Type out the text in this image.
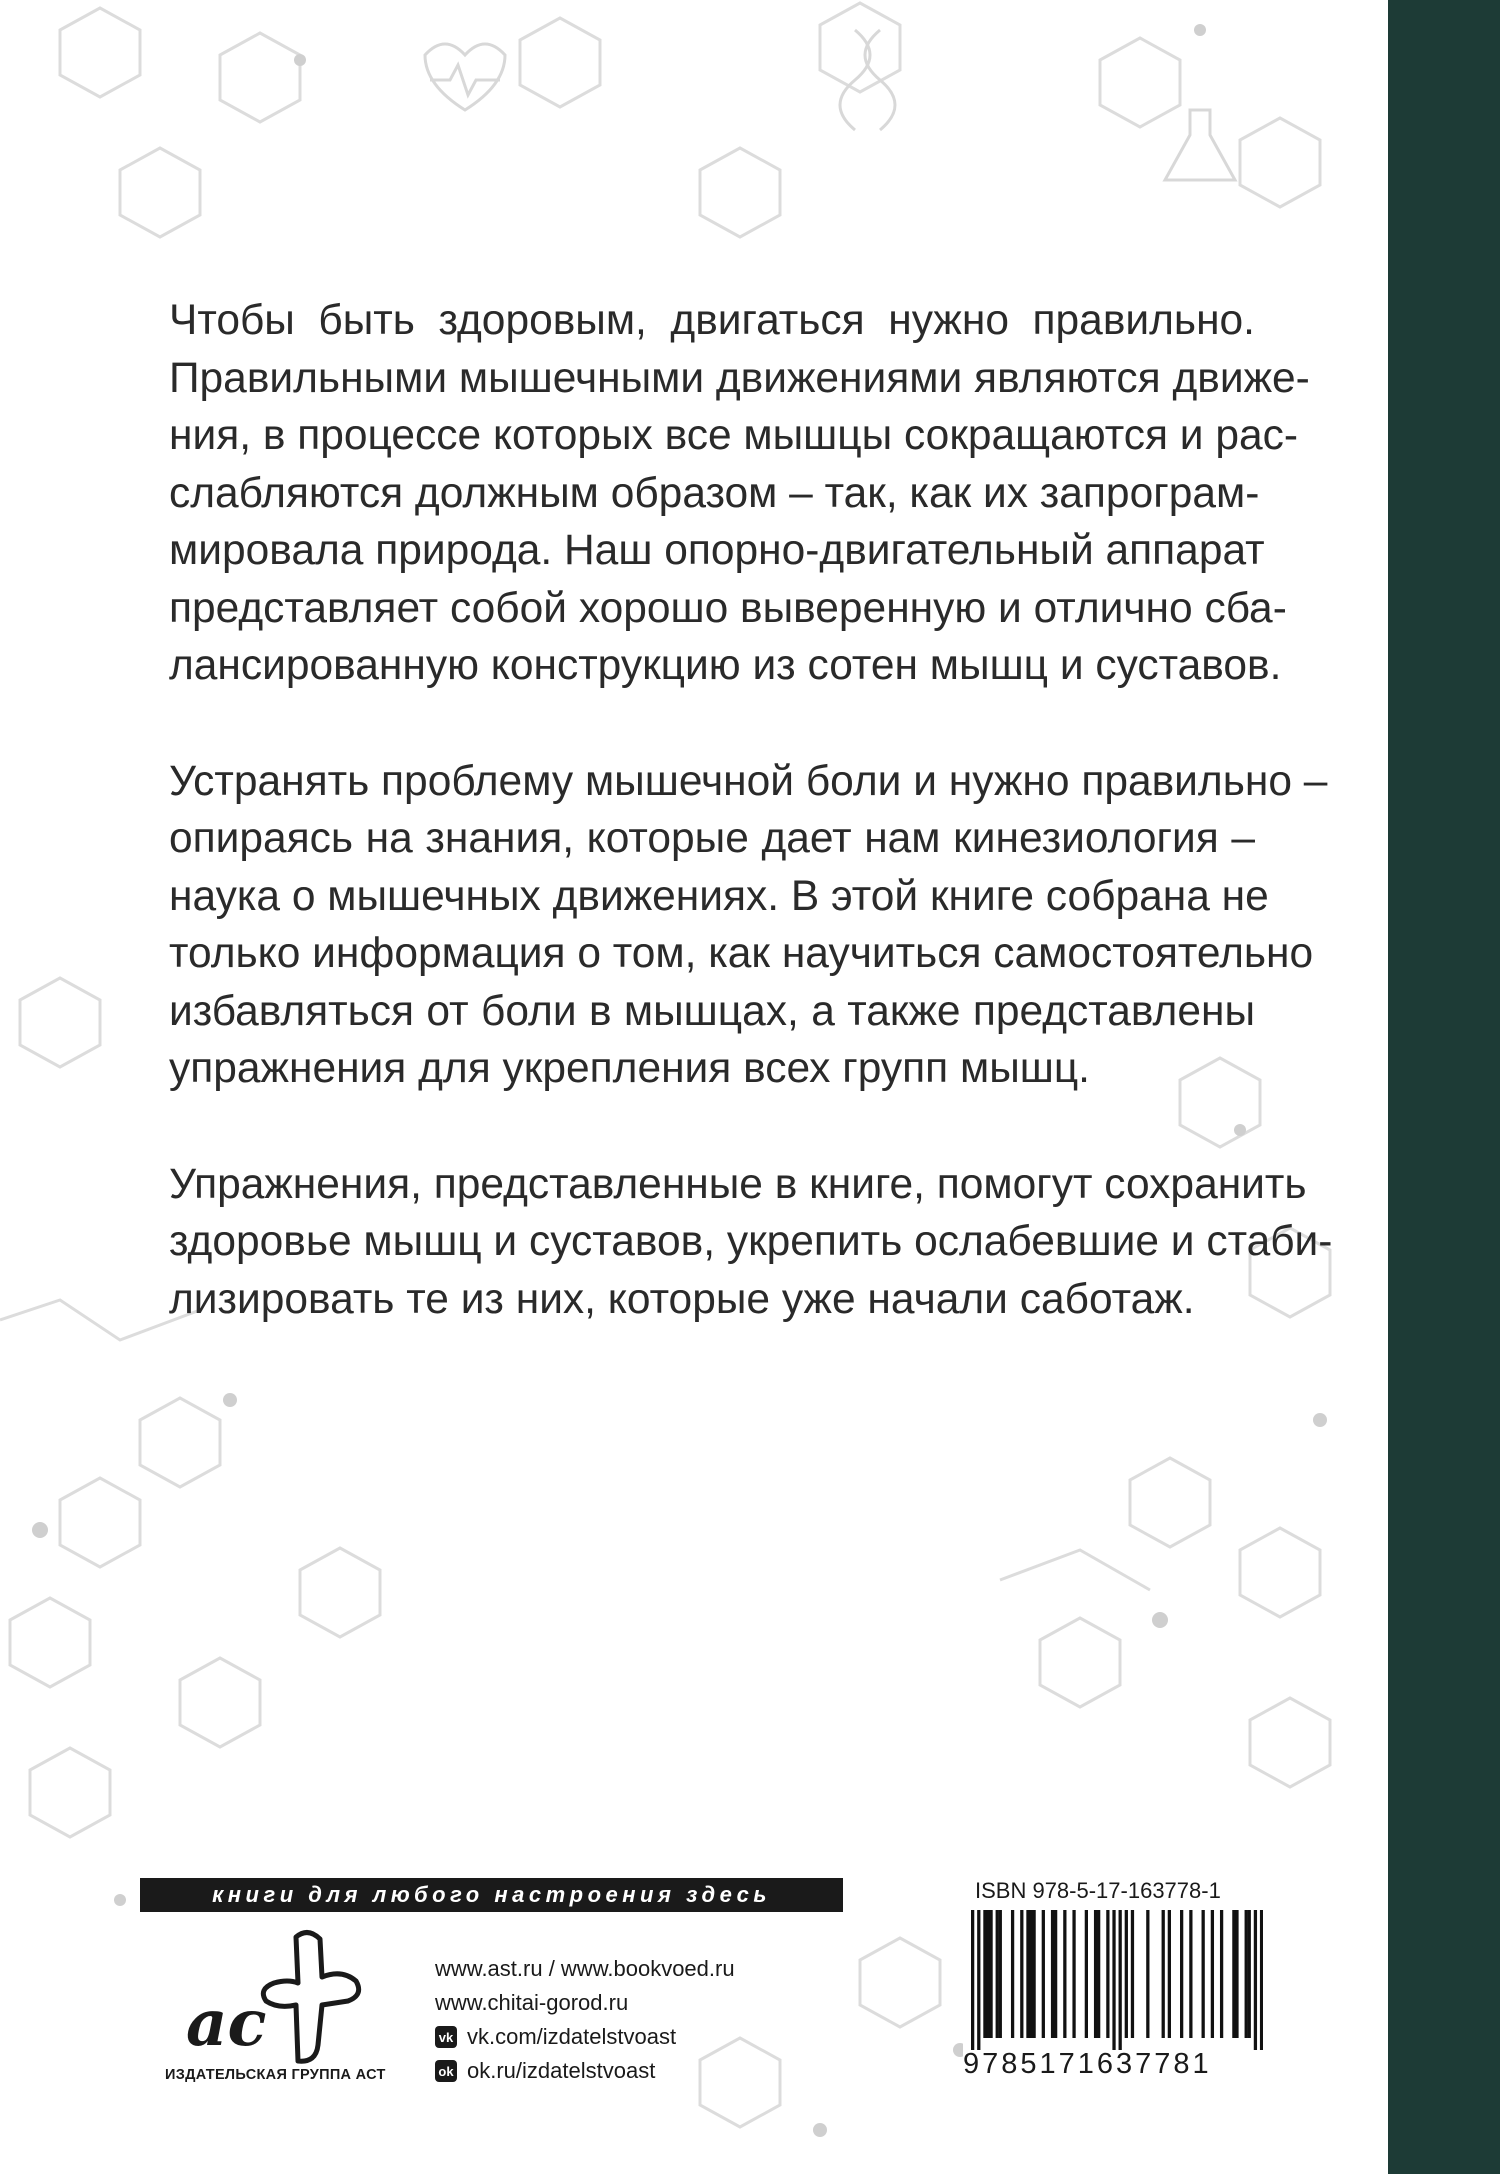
Чтобы быть здоровым, двигаться нужно правильно.
Правильными мышечными движениями являются движе-
ния, в процессе которых все мышцы сокращаются и рас-
слабляются должным образом – так, как их запрограм-
мировала природа. Наш опорно-двигательный аппарат
представляет собой хорошо выверенную и отлично сба-
лансированную конструкцию из сотен мышц и суставов.
Устранять проблему мышечной боли и нужно правильно –
опираясь на знания, которые дает нам кинезиология –
наука о мышечных движениях. В этой книге собрана не
только информация о том, как научиться самостоятельно
избавляться от боли в мышцах, а также представлены
упражнения для укрепления всех групп мышц.
Упражнения, представленные в книге, помогут сохранить
здоровье мышц и суставов, укрепить ослабевшие и стаби-
лизировать те из них, которые уже начали саботаж.
книги для любого настроения здесь
ас
ИЗДАТЕЛЬСКАЯ ГРУППА АСТ
www.ast.ru / www.bookvoed.ru
www.chitai-gorod.ru
vk vk.com/izdatelstvoast
ok ok.ru/izdatelstvoast
ISBN 978-5-17-163778-1
9785171637781
